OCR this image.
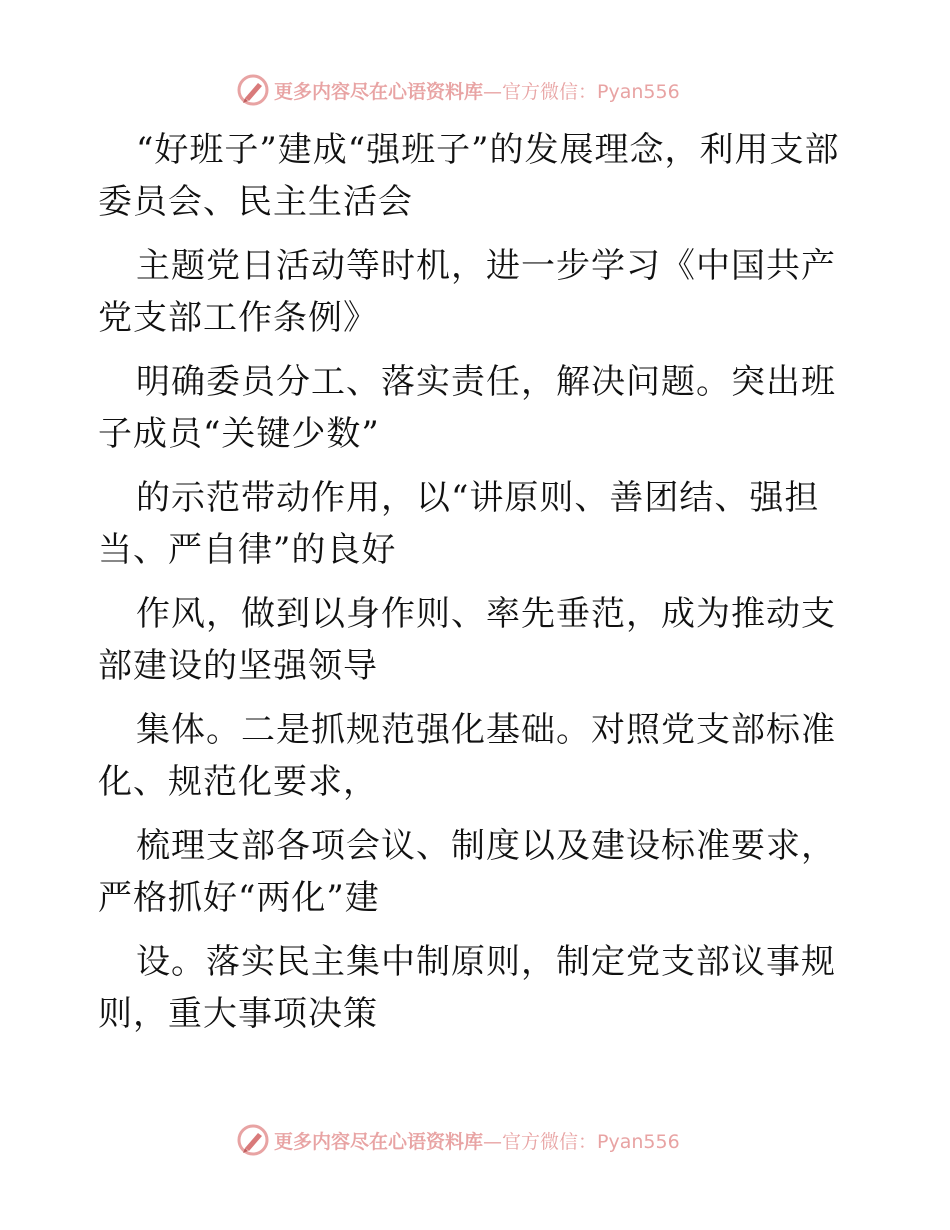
更多内容尽在心语资料库 —官方微信：Pyan556

“好班子”建成“强班子”的发展理念，利用支部委员会、民主生活会

主题党日活动等时机，进一步学习《中国共产党支部工作条例》

明确委员分工、落实责任，解决问题。突出班子成员“关键少数”

的示范带动作用，以“讲原则、善团结、强担当、严自律”的良好

作风，做到以身作则、率先垂范，成为推动支部建设的坚强领导

集体。二是抓规范强化基础。对照党支部标准化、规范化要求，

梳理支部各项会议、制度以及建设标准要求，严格抓好“两化”建

设。落实民主集中制原则，制定党支部议事规则，重大事项决策

更多内容尽在心语资料库 —官方微信：Pyan556
